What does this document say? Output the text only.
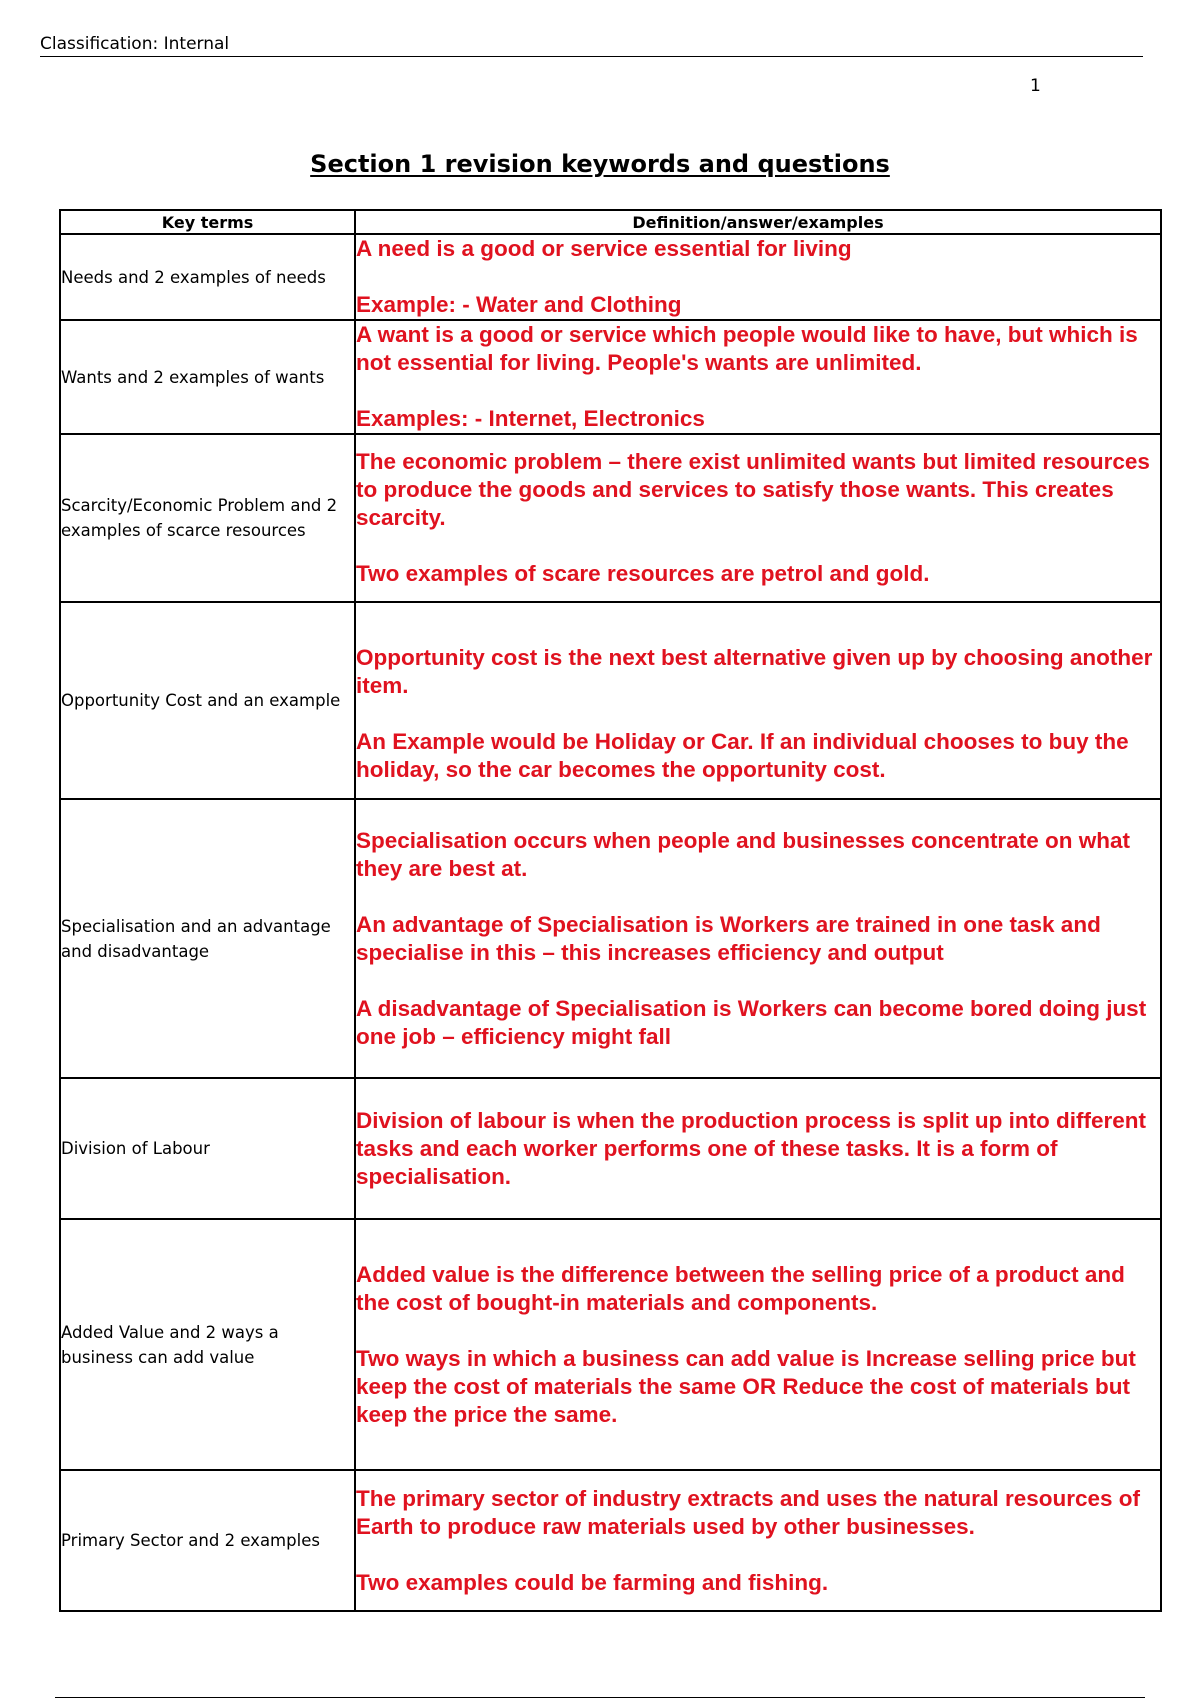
Classification: Internal
1
Section 1 revision keywords and questions
Key terms	Definition/answer/examples
Needs and 2 examples of needs	A need is a good or service essential for living

Example: - Water and Clothing

Wants and 2 examples of wants	A want is a good or service which people would like to have, but which is not essential for living. People's wants are unlimited.

Examples: - Internet, Electronics

Scarcity/Economic Problem and 2 examples of scarce resources	The economic problem – there exist unlimited wants but limited resources to produce the goods and services to satisfy those wants. This creates scarcity.

Two examples of scare resources are petrol and gold.

Opportunity Cost and an example	Opportunity cost is the next best alternative given up by choosing another item.

An Example would be Holiday or Car. If an individual chooses to buy the holiday, so the car becomes the opportunity cost.

Specialisation and an advantage and disadvantage	Specialisation occurs when people and businesses concentrate on what they are best at.

An advantage of Specialisation is Workers are trained in one task and specialise in this – this increases efficiency and output

A disadvantage of Specialisation is Workers can become bored doing just one job – efficiency might fall

Division of Labour	Division of labour is when the production process is split up into different tasks and each worker performs one of these tasks. It is a form of specialisation.

Added Value and 2 ways a business can add value	Added value is the difference between the selling price of a product and the cost of bought-in materials and components.

Two ways in which a business can add value is Increase selling price but keep the cost of materials the same OR Reduce the cost of materials but keep the price the same.

Primary Sector and 2 examples	The primary sector of industry extracts and uses the natural resources of Earth to produce raw materials used by other businesses.

Two examples could be farming and fishing.
